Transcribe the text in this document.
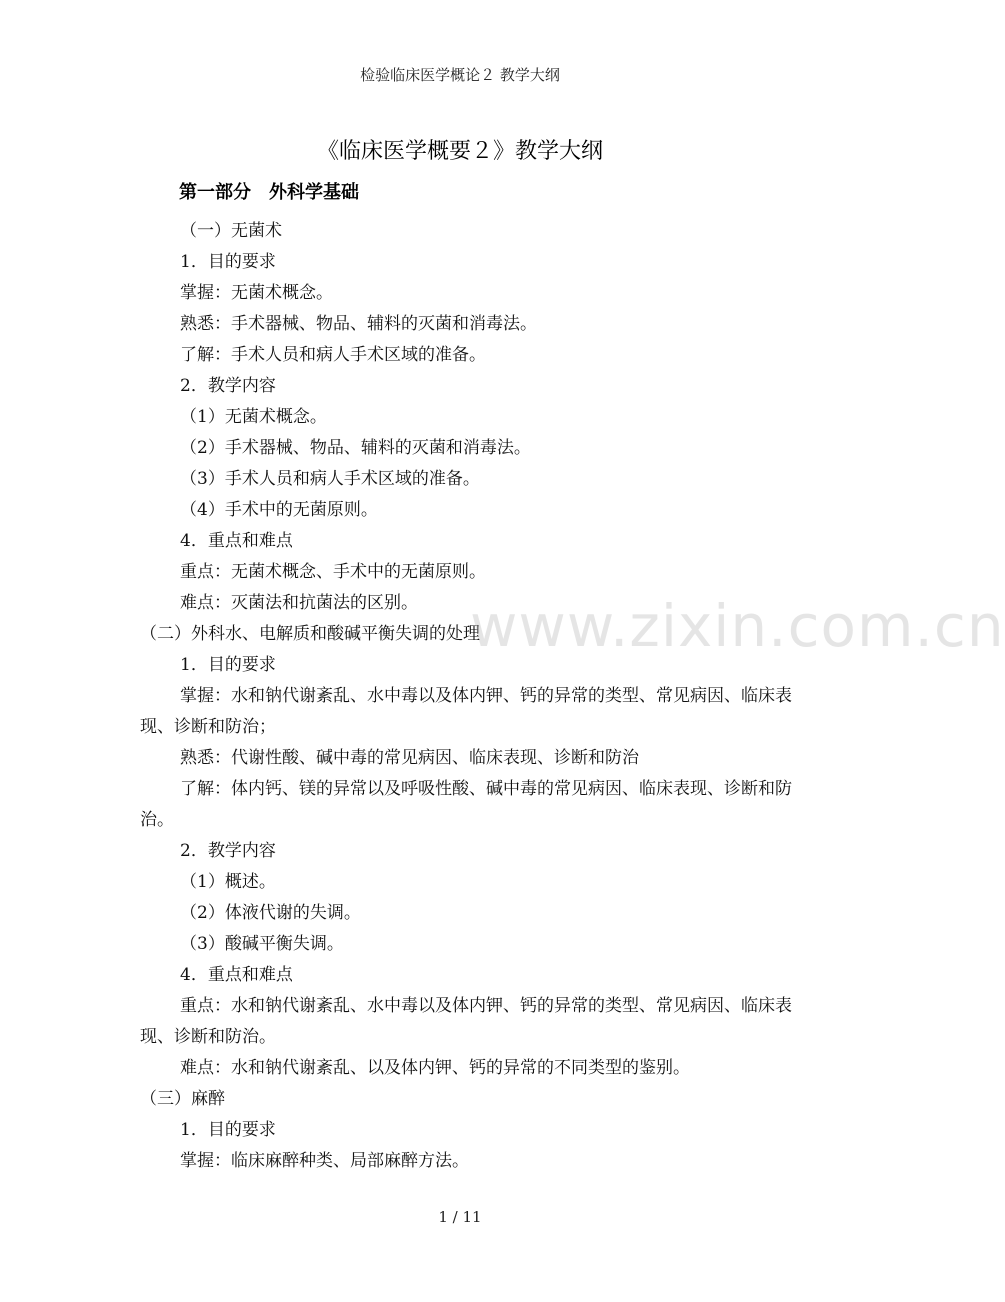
检验临床医学概论２ 教学大纲
《临床医学概要２》教学大纲
第一部分　外科学基础
（一）无菌术
1．目的要求
掌握：无菌术概念。
熟悉：手术器械、物品、辅料的灭菌和消毒法。
了解：手术人员和病人手术区域的准备。
2．教学内容
（1）无菌术概念。
（2）手术器械、物品、辅料的灭菌和消毒法。
（3）手术人员和病人手术区域的准备。
（4）手术中的无菌原则。
4．重点和难点
重点：无菌术概念、手术中的无菌原则。
难点：灭菌法和抗菌法的区别。
（二）外科水、电解质和酸碱平衡失调的处理
1．目的要求
掌握：水和钠代谢紊乱、水中毒以及体内钾、钙的异常的类型、常见病因、临床表现、诊断和防治；
熟悉：代谢性酸、碱中毒的常见病因、临床表现、诊断和防治
了解：体内钙、镁的异常以及呼吸性酸、碱中毒的常见病因、临床表现、诊断和防治。
2．教学内容
（1）概述。
（2）体液代谢的失调。
（3）酸碱平衡失调。
4．重点和难点
重点：水和钠代谢紊乱、水中毒以及体内钾、钙的异常的类型、常见病因、临床表现、诊断和防治。
难点：水和钠代谢紊乱、以及体内钾、钙的异常的不同类型的鉴别。
（三）麻醉
1．目的要求
掌握：临床麻醉种类、局部麻醉方法。
www.zixin.com.cn
1 / 11
